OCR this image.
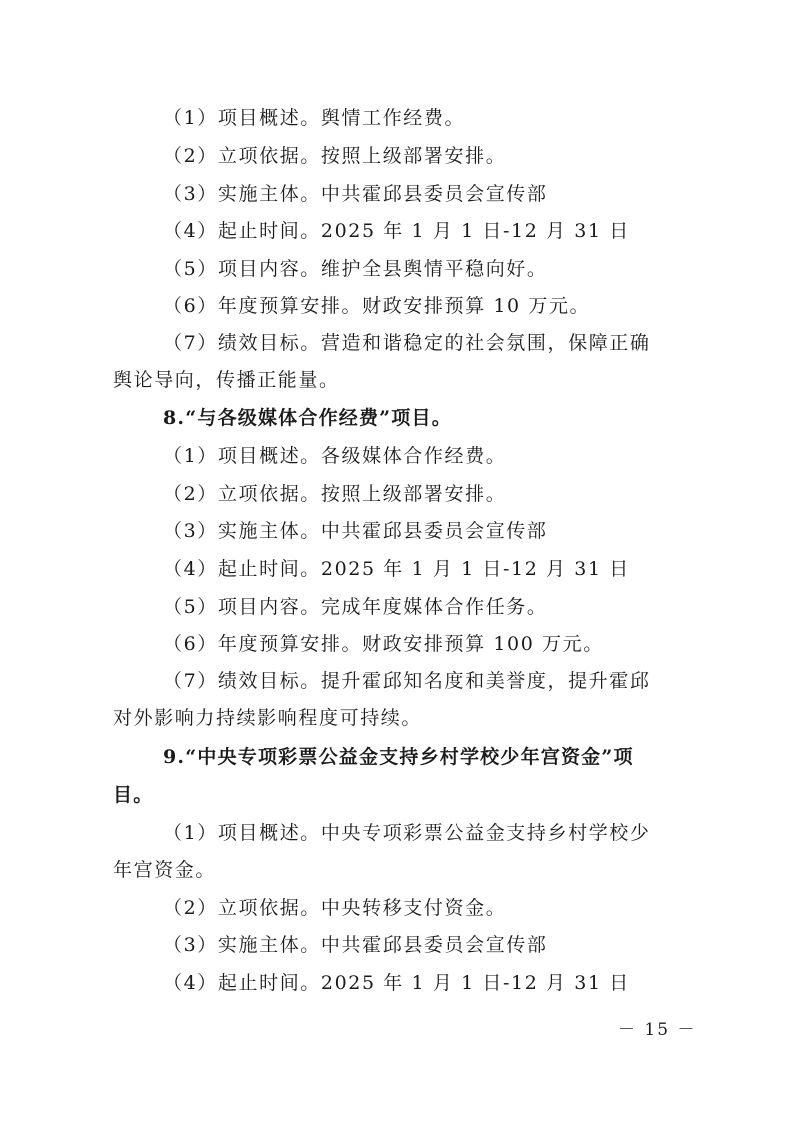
（1）项目概述。舆情工作经费。

（2）立项依据。按照上级部署安排。

（3）实施主体。中共霍邱县委员会宣传部

（4）起止时间。2025 年 1 月 1 日-12 月 31 日

（5）项目内容。维护全县舆情平稳向好。

（6）年度预算安排。财政安排预算 10 万元。

（7）绩效目标。营造和谐稳定的社会氛围，保障正确

舆论导向，传播正能量。

8.“与各级媒体合作经费”项目。

（1）项目概述。各级媒体合作经费。

（2）立项依据。按照上级部署安排。

（3）实施主体。中共霍邱县委员会宣传部

（4）起止时间。2025 年 1 月 1 日-12 月 31 日

（5）项目内容。完成年度媒体合作任务。

（6）年度预算安排。财政安排预算 100 万元。

（7）绩效目标。提升霍邱知名度和美誉度，提升霍邱

对外影响力持续影响程度可持续。

9.“中央专项彩票公益金支持乡村学校少年宫资金”项

目。

（1）项目概述。中央专项彩票公益金支持乡村学校少

年宫资金。

（2）立项依据。中央转移支付资金。

（3）实施主体。中共霍邱县委员会宣传部

（4）起止时间。2025 年 1 月 1 日-12 月 31 日

－ 15 －
